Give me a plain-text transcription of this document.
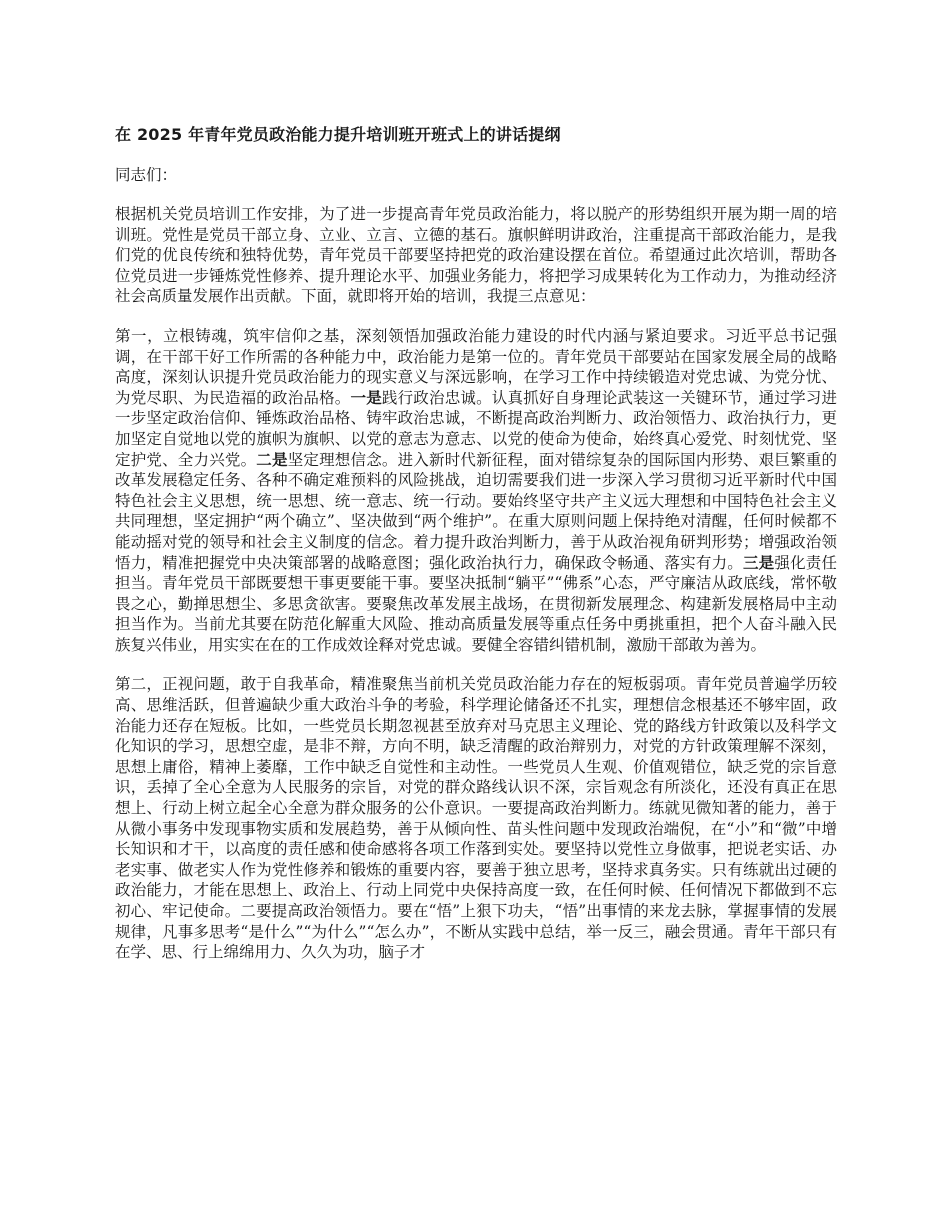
在 2025 年青年党员政治能力提升培训班开班式上的讲话提纲
同志们：

根据机关党员培训工作安排，为了进一步提高青年党员政治能力，将以脱产的形势组织开展为期一周的培训班。党性是党员干部立身、立业、立言、立德的基石。旗帜鲜明讲政治，注重提高干部政治能力，是我们党的优良传统和独特优势，青年党员干部要坚持把党的政治建设摆在首位。希望通过此次培训，帮助各位党员进一步锤炼党性修养、提升理论水平、加强业务能力，将把学习成果转化为工作动力，为推动经济社会高质量发展作出贡献。下面，就即将开始的培训，我提三点意见：

第一，立根铸魂，筑牢信仰之基，深刻领悟加强政治能力建设的时代内涵与紧迫要求。习近平总书记强调，在干部干好工作所需的各种能力中，政治能力是第一位的。青年党员干部要站在国家发展全局的战略高度，深刻认识提升党员政治能力的现实意义与深远影响，在学习工作中持续锻造对党忠诚、为党分忧、为党尽职、为民造福的政治品格。一是践行政治忠诚。认真抓好自身理论武装这一关键环节，通过学习进一步坚定政治信仰、锤炼政治品格、铸牢政治忠诚，不断提高政治判断力、政治领悟力、政治执行力，更加坚定自觉地以党的旗帜为旗帜、以党的意志为意志、以党的使命为使命，始终真心爱党、时刻忧党、坚定护党、全力兴党。二是坚定理想信念。进入新时代新征程，面对错综复杂的国际国内形势、艰巨繁重的改革发展稳定任务、各种不确定难预料的风险挑战，迫切需要我们进一步深入学习贯彻习近平新时代中国特色社会主义思想，统一思想、统一意志、统一行动。要始终坚守共产主义远大理想和中国特色社会主义共同理想，坚定拥护“两个确立”、坚决做到“两个维护”。在重大原则问题上保持绝对清醒，任何时候都不能动摇对党的领导和社会主义制度的信念。着力提升政治判断力，善于从政治视角研判形势；增强政治领悟力，精准把握党中央决策部署的战略意图；强化政治执行力，确保政令畅通、落实有力。三是强化责任担当。青年党员干部既要想干事更要能干事。要坚决抵制“躺平”“佛系”心态，严守廉洁从政底线，常怀敬畏之心，勤掸思想尘、多思贪欲害。要聚焦改革发展主战场，在贯彻新发展理念、构建新发展格局中主动担当作为。当前尤其要在防范化解重大风险、推动高质量发展等重点任务中勇挑重担，把个人奋斗融入民族复兴伟业，用实实在在的工作成效诠释对党忠诚。要健全容错纠错机制，激励干部敢为善为。

第二，正视问题，敢于自我革命，精准聚焦当前机关党员政治能力存在的短板弱项。青年党员普遍学历较高、思维活跃，但普遍缺少重大政治斗争的考验，科学理论储备还不扎实，理想信念根基还不够牢固，政治能力还存在短板。比如，一些党员长期忽视甚至放弃对马克思主义理论、党的路线方针政策以及科学文化知识的学习，思想空虚，是非不辩，方向不明，缺乏清醒的政治辩别力，对党的方针政策理解不深刻，思想上庸俗，精神上萎靡，工作中缺乏自觉性和主动性。一些党员人生观、价值观错位，缺乏党的宗旨意识，丢掉了全心全意为人民服务的宗旨，对党的群众路线认识不深，宗旨观念有所淡化，还没有真正在思想上、行动上树立起全心全意为群众服务的公仆意识。一要提高政治判断力。练就见微知著的能力，善于从微小事务中发现事物实质和发展趋势，善于从倾向性、苗头性问题中发现政治端倪，在“小”和“微”中增长知识和才干，以高度的责任感和使命感将各项工作落到实处。要坚持以党性立身做事，把说老实话、办老实事、做老实人作为党性修养和锻炼的重要内容，要善于独立思考，坚持求真务实。只有练就出过硬的政治能力，才能在思想上、政治上、行动上同党中央保持高度一致，在任何时候、任何情况下都做到不忘初心、牢记使命。二要提高政治领悟力。要在“悟”上狠下功夫，“悟”出事情的来龙去脉，掌握事情的发展规律，凡事多思考“是什么”“为什么”“怎么办”，不断从实践中总结，举一反三，融会贯通。青年干部只有在学、思、行上绵绵用力、久久为功，脑子才
